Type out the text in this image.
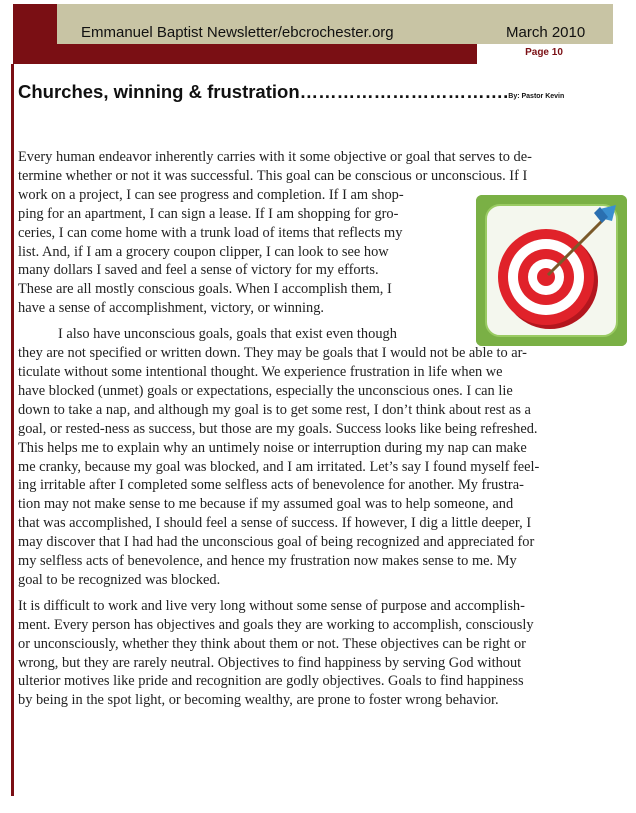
Emmanuel Baptist Newsletter/ebcrochester.org	March 2010
Page 10
Churches, winning & frustration…………………………….By: Pastor Kevin

Every human endeavor inherently carries with it some objective or goal that serves to de-
termine whether or not it was successful. This goal can be conscious or unconscious. If I
work on a project, I can see progress and completion. If I am shop-
ping for an apartment, I can sign a lease. If I am shopping for gro-
ceries, I can come home with a trunk load of items that reflects my
list. And, if I am a grocery coupon clipper, I can look to see how
many dollars I saved and feel a sense of victory for my efforts.
These are all mostly conscious goals. When I accomplish them, I
have a sense of accomplishment, victory, or winning.

I also have unconscious goals, goals that exist even though
they are not specified or written down. They may be goals that I would not be able to ar-
ticulate without some intentional thought. We experience frustration in life when we
have blocked (unmet) goals or expectations, especially the unconscious ones. I can lie
down to take a nap, and although my goal is to get some rest, I don’t think about rest as a
goal, or rested-ness as success, but those are my goals. Success looks like being refreshed.
This helps me to explain why an untimely noise or interruption during my nap can make
me cranky, because my goal was blocked, and I am irritated. Let’s say I found myself feel-
ing irritable after I completed some selfless acts of benevolence for another. My frustra-
tion may not make sense to me because if my assumed goal was to help someone, and
that was accomplished, I should feel a sense of success. If however, I dig a little deeper, I
may discover that I had had the unconscious goal of being recognized and appreciated for
my selfless acts of benevolence, and hence my frustration now makes sense to me. My
goal to be recognized was blocked.

It is difficult to work and live very long without some sense of purpose and accomplish-
ment. Every person has objectives and goals they are working to accomplish, consciously
or unconsciously, whether they think about them or not. These objectives can be right or
wrong, but they are rarely neutral. Objectives to find happiness by serving God without
ulterior motives like pride and recognition are godly objectives. Goals to find happiness
by being in the spot light, or becoming wealthy, are prone to foster wrong behavior.
